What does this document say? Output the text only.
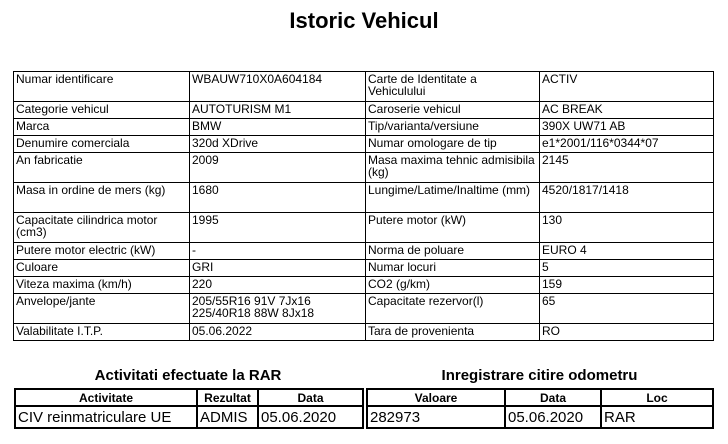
Istoric Vehicul
Numar identificare	WBAUW710X0A604184	Carte de Identitate a Vehiculului	ACTIV
Categorie vehicul	AUTOTURISM M1	Caroserie vehicul	AC BREAK
Marca	BMW	Tip/varianta/versiune	390X UW71 AB
Denumire comerciala	320d XDrive	Numar omologare de tip	e1*2001/116*0344*07
An fabricatie	2009	Masa maxima tehnic admisibila (kg)	2145
Masa in ordine de mers (kg)	1680	Lungime/Latime/Inaltime (mm)	4520/1817/1418
Capacitate cilindrica motor (cm3)	1995	Putere motor (kW)	130
Putere motor electric (kW)	-	Norma de poluare	EURO 4
Culoare	GRI	Numar locuri	5
Viteza maxima (km/h)	220	CO2 (g/km)	159
Anvelope/jante	205/55R16 91V 7Jx16 225/40R18 88W 8Jx18	Capacitate rezervor(l)	65
Valabilitate I.T.P.	05.06.2022	Tara de provenienta	RO
Activitati efectuate la RAR	Inregistrare citire odometru
Activitate	Rezultat	Data
CIV reinmatriculare UE	ADMIS	05.06.2020
Valoare	Data	Loc
282973	05.06.2020	RAR
